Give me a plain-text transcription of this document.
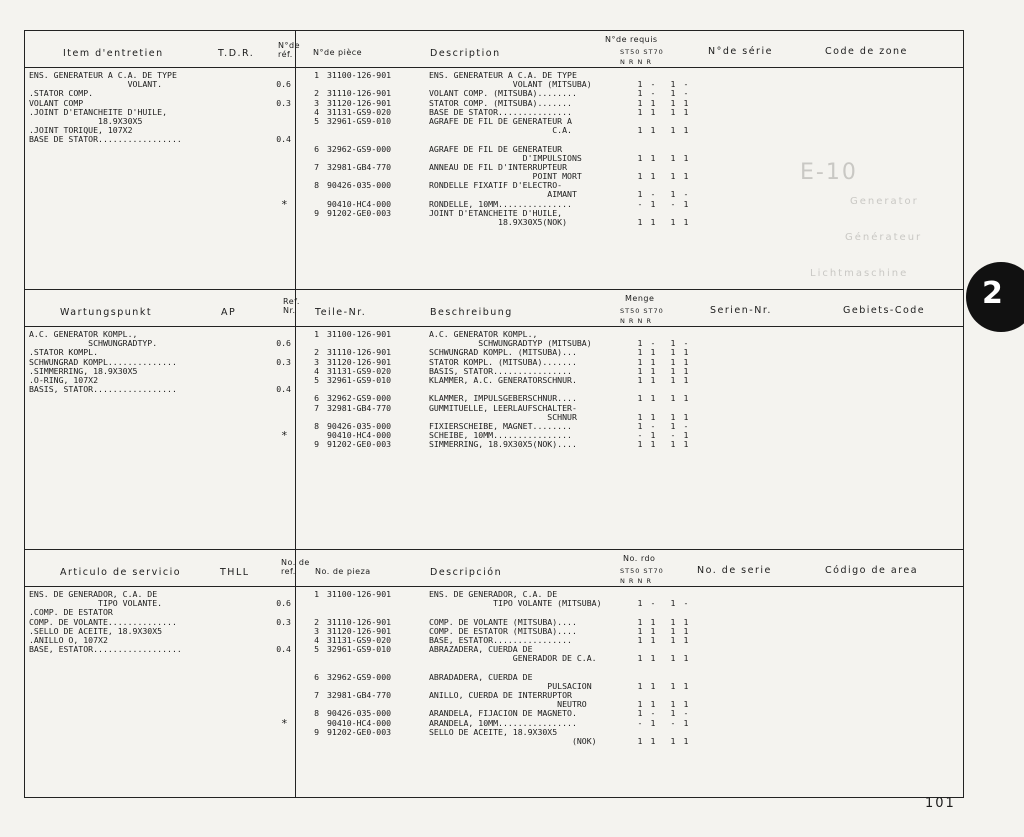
E-10
Generator
Générateur
Lichtmaschine
Item d'entretien	T.D.R.
N°de réf.	N°de pièce	Description
N°de requis
ST50 ST70
N R N R
N°de série	Code de zone
ENS. GENERATEUR A C.A. DE TYPE
VOLANT.	0.6
.STATOR COMP.
VOLANT COMP	0.3
.JOINT D'ETANCHEITE D'HUILE,
18.9X30X5
.JOINT TORIQUE, 107X2
BASE DE STATOR.................	0.4
1 31100-126-901	ENS. GENERATEUR A C.A. DE TYPE
VOLANT (MITSUBA)	1 -	1 -
2 31110-126-901	VOLANT COMP. (MITSUBA)........	1 -	1 -
3 31120-126-901	STATOR COMP. (MITSUBA).......	1 1	1 1
4 31131-GS9-020	BASE DE STATOR...............	1 1	1 1
5 32961-GS9-010	AGRAFE DE FIL DE GENERATEUR A
C.A.	1 1	1 1
6 32962-GS9-000	AGRAFE DE FIL DE GENERATEUR
D'IMPULSIONS	1 1	1 1
7 32981-GB4-770	ANNEAU DE FIL D'INTERRUPTEUR
POINT MORT	1 1	1 1
8 90426-035-000	RONDELLE FIXATIF D'ELECTRO-
AIMANT	1 -	1 -
*	90410-HC4-000	RONDELLE, 10MM...............	- 1	- 1
9 91202-GE0-003	JOINT D'ETANCHEITE D'HUILE,
18.9X30X5(NOK)	1 1	1 1
Wartungspunkt	AP
Ref. Nr.	Teile-Nr.	Beschreibung
Menge
ST50 ST70
N R N R
Serien-Nr.	Gebiets-Code
A.C. GENERATOR KOMPL.,
SCHWUNGRADTYP.	0.6
.STATOR KOMPL.
SCHWUNGRAD KOMPL..............	0.3
.SIMMERRING, 18.9X30X5
.O-RING, 107X2
BASIS, STATOR.................	0.4
1 31100-126-901	A.C. GENERATOR KOMPL.,
SCHWUNGRADTYP (MITSUBA)	1 -	1 -
2 31110-126-901	SCHWUNGRAD KOMPL. (MITSUBA)...	1 1	1 1
3 31120-126-901	STATOR KOMPL. (MITSUBA).......	1 1	1 1
4 31131-GS9-020	BASIS, STATOR................	1 1	1 1
5 32961-GS9-010	KLAMMER, A.C. GENERATORSCHNUR.	1 1	1 1
6 32962-GS9-000	KLAMMER, IMPULSGEBERSCHNUR....	1 1	1 1
7 32981-GB4-770	GUMMITUELLE, LEERLAUFSCHALTER-
SCHNUR	1 1	1 1
8 90426-035-000	FIXIERSCHEIBE, MAGNET........	1 -	1 -
*	90410-HC4-000	SCHEIBE, 10MM................	- 1	- 1
9 91202-GE0-003	SIMMERRING, 18.9X30X5(NOK)....	1 1	1 1
Articulo de servicio	THLL
No. de ref.	No. de pieza	Descripción
No. rdo
ST50 ST70
N R N R
No. de serie	Código de area
ENS. DE GENERADOR, C.A. DE
TIPO VOLANTE.	0.6
.COMP. DE ESTATOR
COMP. DE VOLANTE..............	0.3
.SELLO DE ACEITE, 18.9X30X5
.ANILLO O, 107X2
BASE, ESTATOR..................	0.4
1 31100-126-901	ENS. DE GENERADOR, C.A. DE
TIPO VOLANTE (MITSUBA)	1 -	1 -
2 31110-126-901	COMP. DE VOLANTE (MITSUBA)....	1 1	1 1
3 31120-126-901	COMP. DE ESTATOR (MITSUBA)....	1 1	1 1
4 31131-GS9-020	BASE, ESTATOR................	1 1	1 1
5 32961-GS9-010	ABRAZADERA, CUERDA DE
GENERADOR DE C.A.	1 1	1 1
6 32962-GS9-000	ABRADADERA, CUERDA DE
PULSACION	1 1	1 1
7 32981-GB4-770	ANILLO, CUERDA DE INTERRUPTOR
NEUTRO	1 1	1 1
8 90426-035-000	ARANDELA, FIJACION DE MAGNETO.	1 -	1 -
*	90410-HC4-000	ARANDELA, 10MM................	- 1	- 1
9 91202-GE0-003	SELLO DE ACEITE, 18.9X30X5
(NOK)	1 1	1 1
2
101
